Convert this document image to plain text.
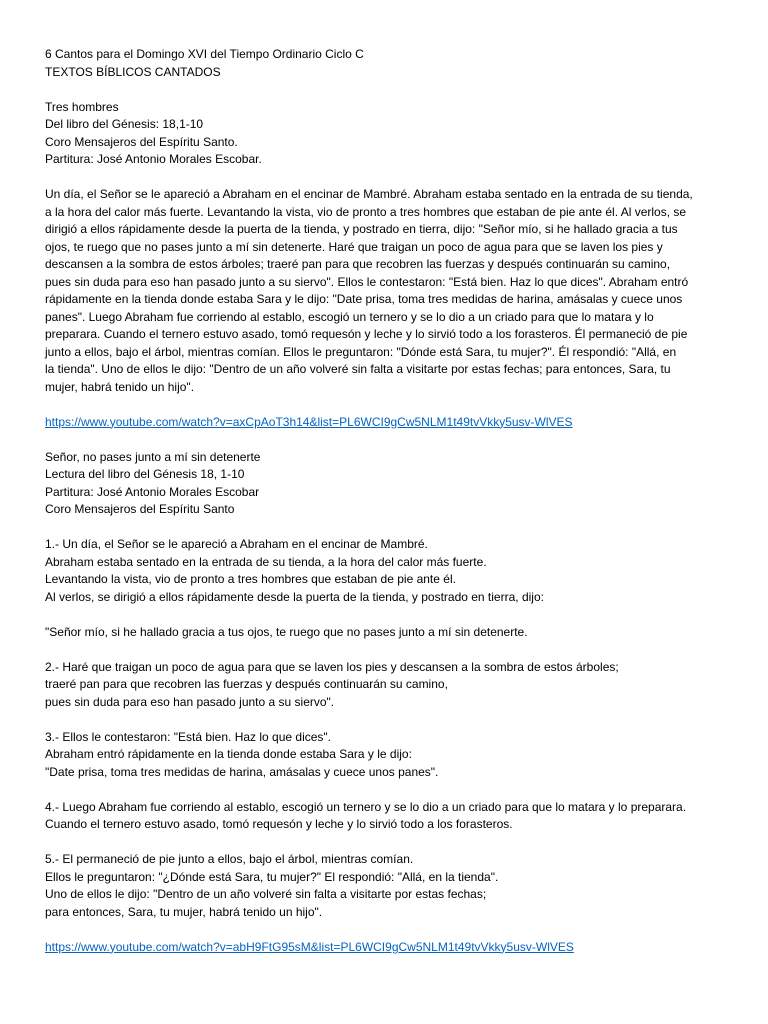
6 Cantos para el Domingo XVI del Tiempo Ordinario Ciclo C
TEXTOS BÍBLICOS CANTADOS
Tres hombres
Del libro del Génesis: 18,1-10
Coro Mensajeros del Espíritu Santo.
Partitura: José Antonio Morales Escobar.
Un día, el Señor se le apareció a Abraham en el encinar de Mambré. Abraham estaba sentado en la entrada de su tienda,
a la hora del calor más fuerte. Levantando la vista, vio de pronto a tres hombres que estaban de pie ante él. Al verlos, se
dirigió a ellos rápidamente desde la puerta de la tienda, y postrado en tierra, dijo: "Señor mío, si he hallado gracia a tus
ojos, te ruego que no pases junto a mí sin detenerte. Haré que traigan un poco de agua para que se laven los pies y
descansen a la sombra de estos árboles; traeré pan para que recobren las fuerzas y después continuarán su camino,
pues sin duda para eso han pasado junto a su siervo". Ellos le contestaron: "Está bien. Haz lo que dices". Abraham entró
rápidamente en la tienda donde estaba Sara y le dijo: "Date prisa, toma tres medidas de harina, amásalas y cuece unos
panes". Luego Abraham fue corriendo al establo, escogió un ternero y se lo dio a un criado para que lo matara y lo
preparara. Cuando el ternero estuvo asado, tomó requesón y leche y lo sirvió todo a los forasteros. Él permaneció de pie
junto a ellos, bajo el árbol, mientras comían. Ellos le preguntaron: "Dónde está Sara, tu mujer?". Él respondió: "Allá, en
la tienda". Uno de ellos le dijo: "Dentro de un año volveré sin falta a visitarte por estas fechas; para entonces, Sara, tu
mujer, habrá tenido un hijo".
https://www.youtube.com/watch?v=axCpAoT3h14&list=PL6WCI9gCw5NLM1t49tvVkky5usv-WlVES
Señor, no pases junto a mí sin detenerte
Lectura del libro del Génesis 18, 1-10
Partitura: José Antonio Morales Escobar
Coro Mensajeros del Espíritu Santo
1.- Un día, el Señor se le apareció a Abraham en el encinar de Mambré.
Abraham estaba sentado en la entrada de su tienda, a la hora del calor más fuerte.
Levantando la vista, vio de pronto a tres hombres que estaban de pie ante él.
Al verlos, se dirigió a ellos rápidamente desde la puerta de la tienda, y postrado en tierra, dijo:
"Señor mío, si he hallado gracia a tus ojos, te ruego que no pases junto a mí sin detenerte.
2.- Haré que traigan un poco de agua para que se laven los pies y descansen a la sombra de estos árboles;
traeré pan para que recobren las fuerzas y después continuarán su camino,
pues sin duda para eso han pasado junto a su siervo".
3.- Ellos le contestaron: "Está bien. Haz lo que dices".
Abraham entró rápidamente en la tienda donde estaba Sara y le dijo:
"Date prisa, toma tres medidas de harina, amásalas y cuece unos panes".
4.- Luego Abraham fue corriendo al establo, escogió un ternero y se lo dio a un criado para que lo matara y lo preparara.
Cuando el ternero estuvo asado, tomó requesón y leche y lo sirvió todo a los forasteros.
5.- El permaneció de pie junto a ellos, bajo el árbol, mientras comían.
Ellos le preguntaron: "¿Dónde está Sara, tu mujer?" El respondió: "Allá, en la tienda".
Uno de ellos le dijo: "Dentro de un año volveré sin falta a visitarte por estas fechas;
para entonces, Sara, tu mujer, habrá tenido un hijo".
https://www.youtube.com/watch?v=abH9FtG95sM&list=PL6WCI9gCw5NLM1t49tvVkky5usv-WlVES
